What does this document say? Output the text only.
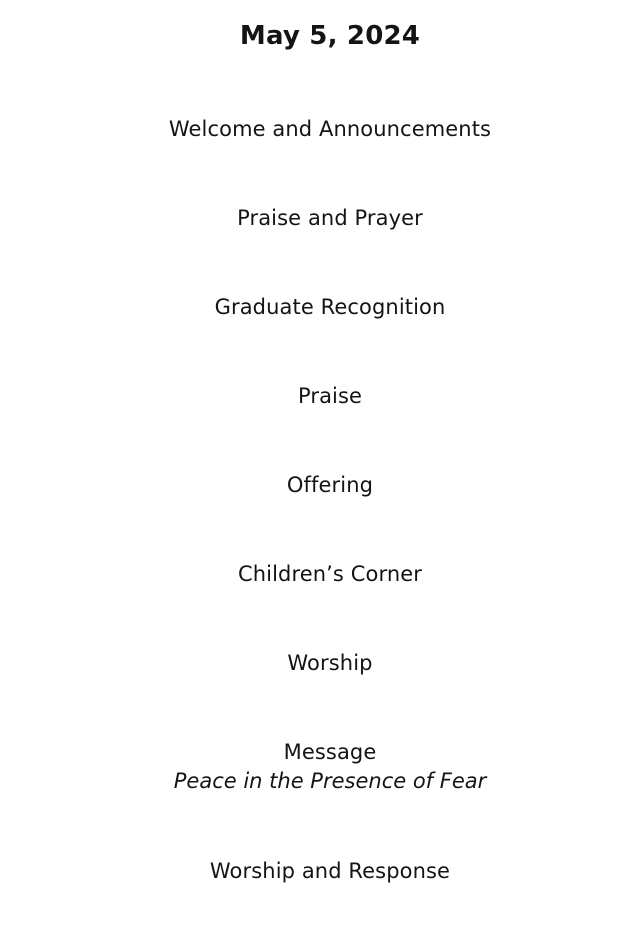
May 5, 2024
Welcome and Announcements
Praise and Prayer
Graduate Recognition
Praise
Offering
Children’s Corner
Worship
Message
Peace in the Presence of Fear
Worship and Response
